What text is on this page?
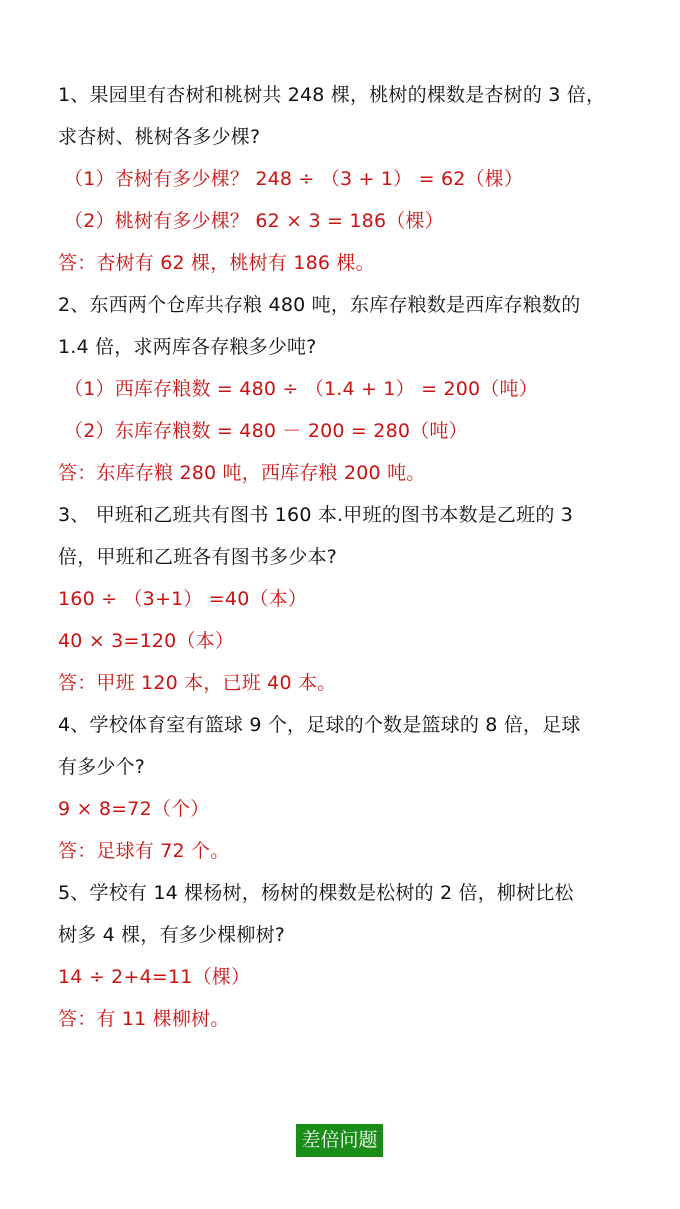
1、果园里有杏树和桃树共 248 棵，桃树的棵数是杏树的 3 倍，
求杏树、桃树各多少棵?
（1）杏树有多少棵？ 248 ÷ （3 + 1） = 62（棵）
（2）桃树有多少棵？ 62 × 3 = 186（棵）
答：杏树有 62 棵，桃树有 186 棵。
2、东西两个仓库共存粮 480 吨，东库存粮数是西库存粮数的
1.4 倍，求两库各存粮多少吨?
（1）西库存粮数 = 480 ÷ （1.4 + 1） = 200（吨）
（2）东库存粮数 = 480 － 200 = 280（吨）
答：东库存粮 280 吨，西库存粮 200 吨。
3、 甲班和乙班共有图书 160 本.甲班的图书本数是乙班的 3
倍，甲班和乙班各有图书多少本?
160 ÷ （3+1） =40（本）
40 × 3=120（本）
答：甲班 120 本，已班 40 本。
4、学校体育室有篮球 9 个，足球的个数是篮球的 8 倍，足球
有多少个?
9 × 8=72（个）
答：足球有 72 个。
5、学校有 14 棵杨树，杨树的棵数是松树的 2 倍，柳树比松
树多 4 棵，有多少棵柳树?
14 ÷ 2+4=11（棵）
答：有 11 棵柳树。
差倍问题
